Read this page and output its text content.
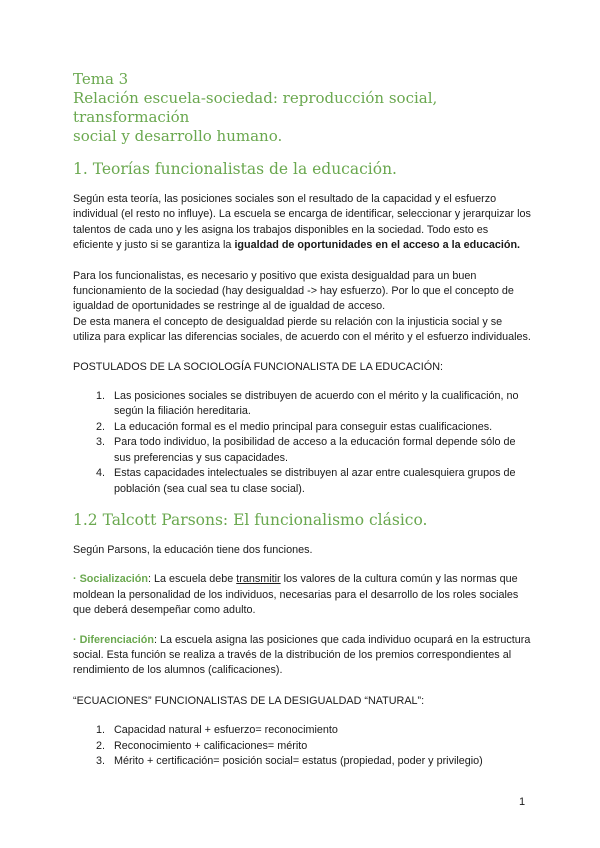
Tema 3

Relación escuela-sociedad: reproducción social, transformación

social y desarrollo humano.

1. Teorías funcionalistas de la educación.

Según esta teoría, las posiciones sociales son el resultado de la capacidad y el esfuerzo individual (el resto no influye). La escuela se encarga de identificar, seleccionar y jerarquizar los talentos de cada uno y les asigna los trabajos disponibles en la sociedad. Todo esto es eficiente y justo si se garantiza la igualdad de oportunidades en el acceso a la educación.

Para los funcionalistas, es necesario y positivo que exista desigualdad para un buen funcionamiento de la sociedad (hay desigualdad -> hay esfuerzo). Por lo que el concepto de igualdad de oportunidades se restringe al de igualdad de acceso.

De esta manera el concepto de desigualdad pierde su relación con la injusticia social y se utiliza para explicar las diferencias sociales, de acuerdo con el mérito y el esfuerzo individuales.

POSTULADOS DE LA SOCIOLOGÍA FUNCIONALISTA DE LA EDUCACIÓN:

1. Las posiciones sociales se distribuyen de acuerdo con el mérito y la cualificación, no según la filiación hereditaria.
2. La educación formal es el medio principal para conseguir estas cualificaciones.
3. Para todo individuo, la posibilidad de acceso a la educación formal depende sólo de sus preferencias y sus capacidades.
4. Estas capacidades intelectuales se distribuyen al azar entre cualesquiera grupos de población (sea cual sea tu clase social).

1.2 Talcott Parsons: El funcionalismo clásico.

Según Parsons, la educación tiene dos funciones.

· Socialización: La escuela debe transmitir los valores de la cultura común y las normas que moldean la personalidad de los individuos, necesarias para el desarrollo de los roles sociales que deberá desempeñar como adulto.

· Diferenciación: La escuela asigna las posiciones que cada individuo ocupará en la estructura social. Esta función se realiza a través de la distribución de los premios correspondientes al rendimiento de los alumnos (calificaciones).

“ECUACIONES” FUNCIONALISTAS DE LA DESIGUALDAD “NATURAL”:

1. Capacidad natural + esfuerzo= reconocimiento
2. Reconocimiento + calificaciones= mérito
3. Mérito + certificación= posición social= estatus (propiedad, poder y privilegio)
1
